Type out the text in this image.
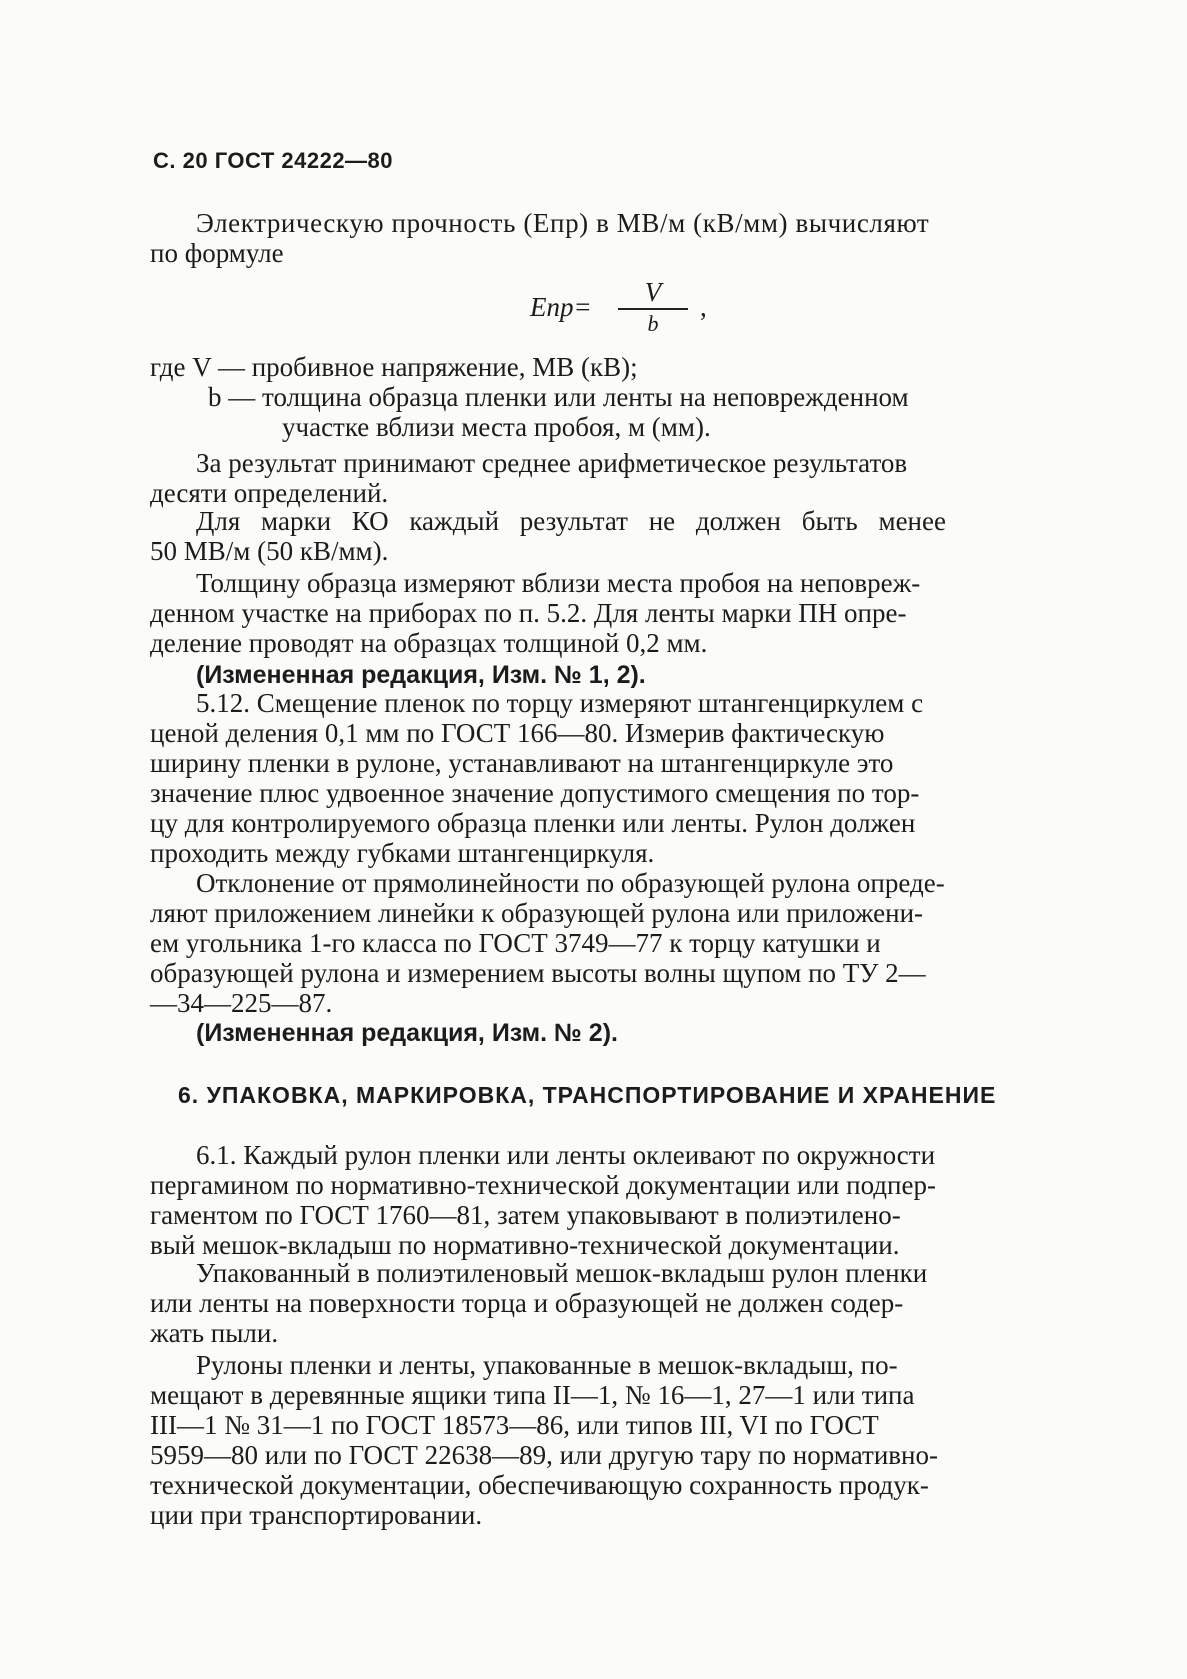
С. 20 ГОСТ 24222—80
Электрическую прочность (Eпр) в МВ/м (кВ/мм) вычисляют
по формуле
Eпр=	V
b
,
где V — пробивное напряжение, МВ (кВ);
b — толщина образца пленки или ленты на неповрежденном
участке вблизи места пробоя, м (мм).
За результат принимают среднее арифметическое результатов
десяти определений.
Для марки КО каждый результат не должен быть менее
50 МВ/м (50 кВ/мм).
Толщину образца измеряют вблизи места пробоя на неповреж-
денном участке на приборах по п. 5.2. Для ленты марки ПН опре-
деление проводят на образцах толщиной 0,2 мм.
(Измененная редакция, Изм. № 1, 2).
5.12. Смещение пленок по торцу измеряют штангенциркулем с
ценой деления 0,1 мм по ГОСТ 166—80. Измерив фактическую
ширину пленки в рулоне, устанавливают на штангенциркуле это
значение плюс удвоенное значение допустимого смещения по тор-
цу для контролируемого образца пленки или ленты. Рулон должен
проходить между губками штангенциркуля.
Отклонение от прямолинейности по образующей рулона опреде-
ляют приложением линейки к образующей рулона или приложени-
ем угольника 1-го класса по ГОСТ 3749—77 к торцу катушки и
образующей рулона и измерением высоты волны щупом по ТУ 2—
—34—225—87.
(Измененная редакция, Изм. № 2).
6. УПАКОВКА, МАРКИРОВКА, ТРАНСПОРТИРОВАНИЕ И ХРАНЕНИЕ
6.1. Каждый рулон пленки или ленты оклеивают по окружности
пергамином по нормативно-технической документации или подпер-
гаментом по ГОСТ 1760—81, затем упаковывают в полиэтилено-
вый мешок-вкладыш по нормативно-технической документации.
Упакованный в полиэтиленовый мешок-вкладыш рулон пленки
или ленты на поверхности торца и образующей не должен содер-
жать пыли.
Рулоны пленки и ленты, упакованные в мешок-вкладыш, по-
мещают в деревянные ящики типа II—1, № 16—1, 27—1 или типа
III—1 № 31—1 по ГОСТ 18573—86, или типов III, VI по ГОСТ
5959—80 или по ГОСТ 22638—89, или другую тару по нормативно-
технической документации, обеспечивающую сохранность продук-
ции при транспортировании.
